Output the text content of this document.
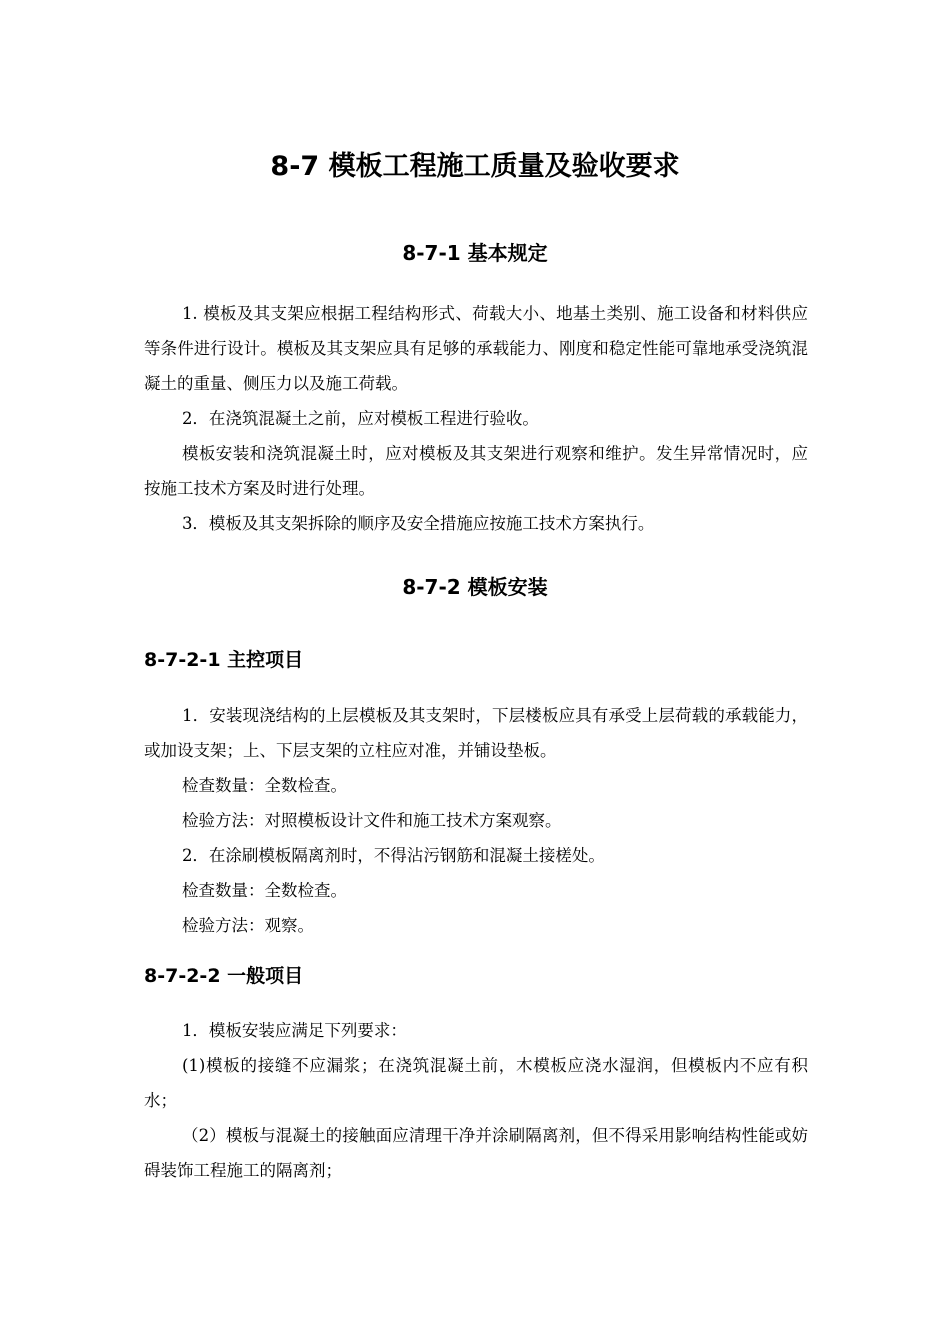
8-7 模板工程施工质量及验收要求
8-7-1 基本规定

1. 模板及其支架应根据工程结构形式、荷载大小、地基土类别、施工设备和材料供应等条件进行设计。模板及其支架应具有足够的承载能力、刚度和稳定性能可靠地承受浇筑混凝土的重量、侧压力以及施工荷载。

2．在浇筑混凝土之前，应对模板工程进行验收。

模板安装和浇筑混凝土时，应对模板及其支架进行观察和维护。发生异常情况时，应按施工技术方案及时进行处理。

3．模板及其支架拆除的顺序及安全措施应按施工技术方案执行。

8-7-2 模板安装
8-7-2-1 主控项目

1．安装现浇结构的上层模板及其支架时，下层楼板应具有承受上层荷载的承载能力，或加设支架；上、下层支架的立柱应对准，并铺设垫板。

检查数量：全数检查。

检验方法：对照模板设计文件和施工技术方案观察。

2．在涂刷模板隔离剂时，不得沾污钢筋和混凝土接槎处。

检查数量：全数检查。

检验方法：观察。

8-7-2-2 一般项目

1．模板安装应满足下列要求：

(1)模板的接缝不应漏浆；在浇筑混凝土前，木模板应浇水湿润，但模板内不应有积水；

（2）模板与混凝土的接触面应清理干净并涂刷隔离剂，但不得采用影响结构性能或妨碍装饰工程施工的隔离剂；
